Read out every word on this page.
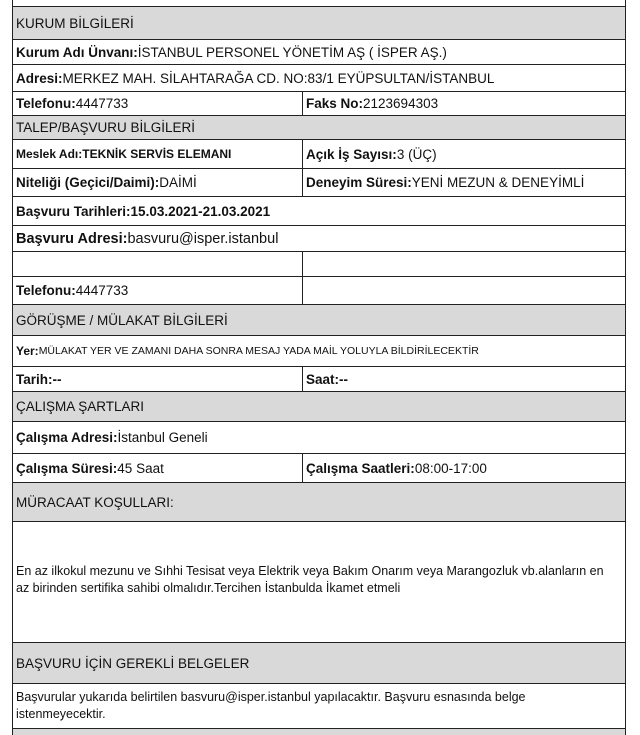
KURUM BİLGİLERİ
Kurum Adı Ünvanı: İSTANBUL PERSONEL YÖNETİM AŞ ( İSPER AŞ.)
Adresi: MERKEZ MAH. SİLAHTARAĞA CD. NO:83/1 EYÜPSULTAN/İSTANBUL
Telefonu: 4447733	Faks No: 2123694303
TALEP/BAŞVURU BİLGİLERİ
Meslek Adı: TEKNİK SERVİS ELEMANI	Açık İş Sayısı: 3 (ÜÇ)
Niteliği (Geçici/Daimi): DAİMİ	Deneyim Süresi: YENİ MEZUN & DENEYİMLİ
Başvuru Tarihleri: 15.03.2021-21.03.2021
Başvuru Adresi: basvuru@isper.istanbul
Telefonu: 4447733
GÖRÜŞME / MÜLAKAT BİLGİLERİ
Yer: MÜLAKAT YER VE ZAMANI DAHA SONRA MESAJ YADA MAİL YOLUYLA BİLDİRİLECEKTİR
Tarih:--	Saat:--
ÇALIŞMA ŞARTLARI
Çalışma Adresi: İstanbul Geneli
Çalışma Süresi: 45 Saat	Çalışma Saatleri: 08:00-17:00
MÜRACAAT KOŞULLARI:
En az ilkokul mezunu ve Sıhhi Tesisat veya Elektrik veya Bakım Onarım veya Marangozluk vb.alanların en az birinden sertifika sahibi olmalıdır.Tercihen İstanbulda İkamet etmeli
BAŞVURU İÇİN GEREKLİ BELGELER
Başvurular yukarıda belirtilen basvuru@isper.istanbul yapılacaktır. Başvuru esnasında belge istenmeyecektir.
